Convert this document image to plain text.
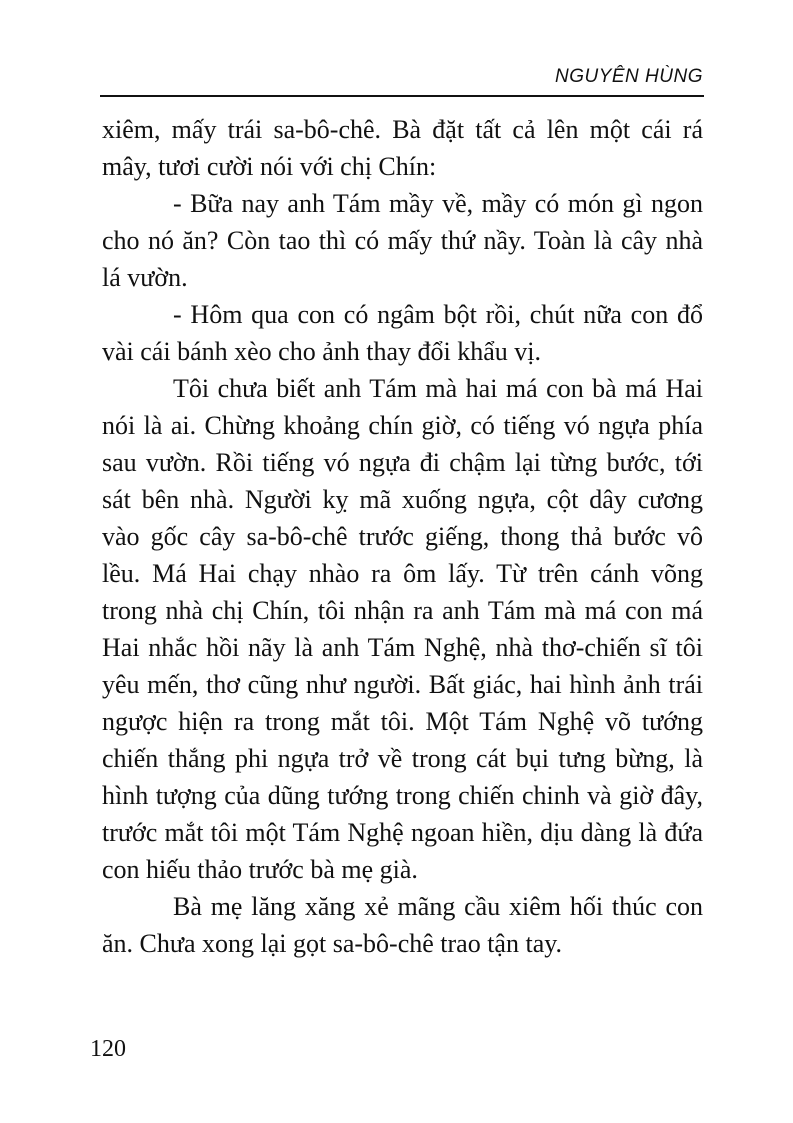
NGUYÊN HÙNG

xiêm, mấy trái sa-bô-chê. Bà đặt tất cả lên một cái rá mây, tươi cười nói với chị Chín:

- Bữa nay anh Tám mầy về, mầy có món gì ngon cho nó ăn? Còn tao thì có mấy thứ nầy. Toàn là cây nhà lá vườn.

- Hôm qua con có ngâm bột rồi, chút nữa con đổ vài cái bánh xèo cho ảnh thay đổi khẩu vị.

Tôi chưa biết anh Tám mà hai má con bà má Hai nói là ai. Chừng khoảng chín giờ, có tiếng vó ngựa phía sau vườn. Rồi tiếng vó ngựa đi chậm lại từng bước, tới sát bên nhà. Người kỵ mã xuống ngựa, cột dây cương vào gốc cây sa-bô-chê trước giếng, thong thả bước vô lều. Má Hai chạy nhào ra ôm lấy. Từ trên cánh võng trong nhà chị Chín, tôi nhận ra anh Tám mà má con má Hai nhắc hồi nãy là anh Tám Nghệ, nhà thơ-chiến sĩ tôi yêu mến, thơ cũng như người. Bất giác, hai hình ảnh trái ngược hiện ra trong mắt tôi. Một Tám Nghệ võ tướng chiến thắng phi ngựa trở về trong cát bụi tưng bừng, là hình tượng của dũng tướng trong chiến chinh và giờ đây, trước mắt tôi một Tám Nghệ ngoan hiền, dịu dàng là đứa con hiếu thảo trước bà mẹ già.

Bà mẹ lăng xăng xẻ mãng cầu xiêm hối thúc con ăn. Chưa xong lại gọt sa-bô-chê trao tận tay.

120
